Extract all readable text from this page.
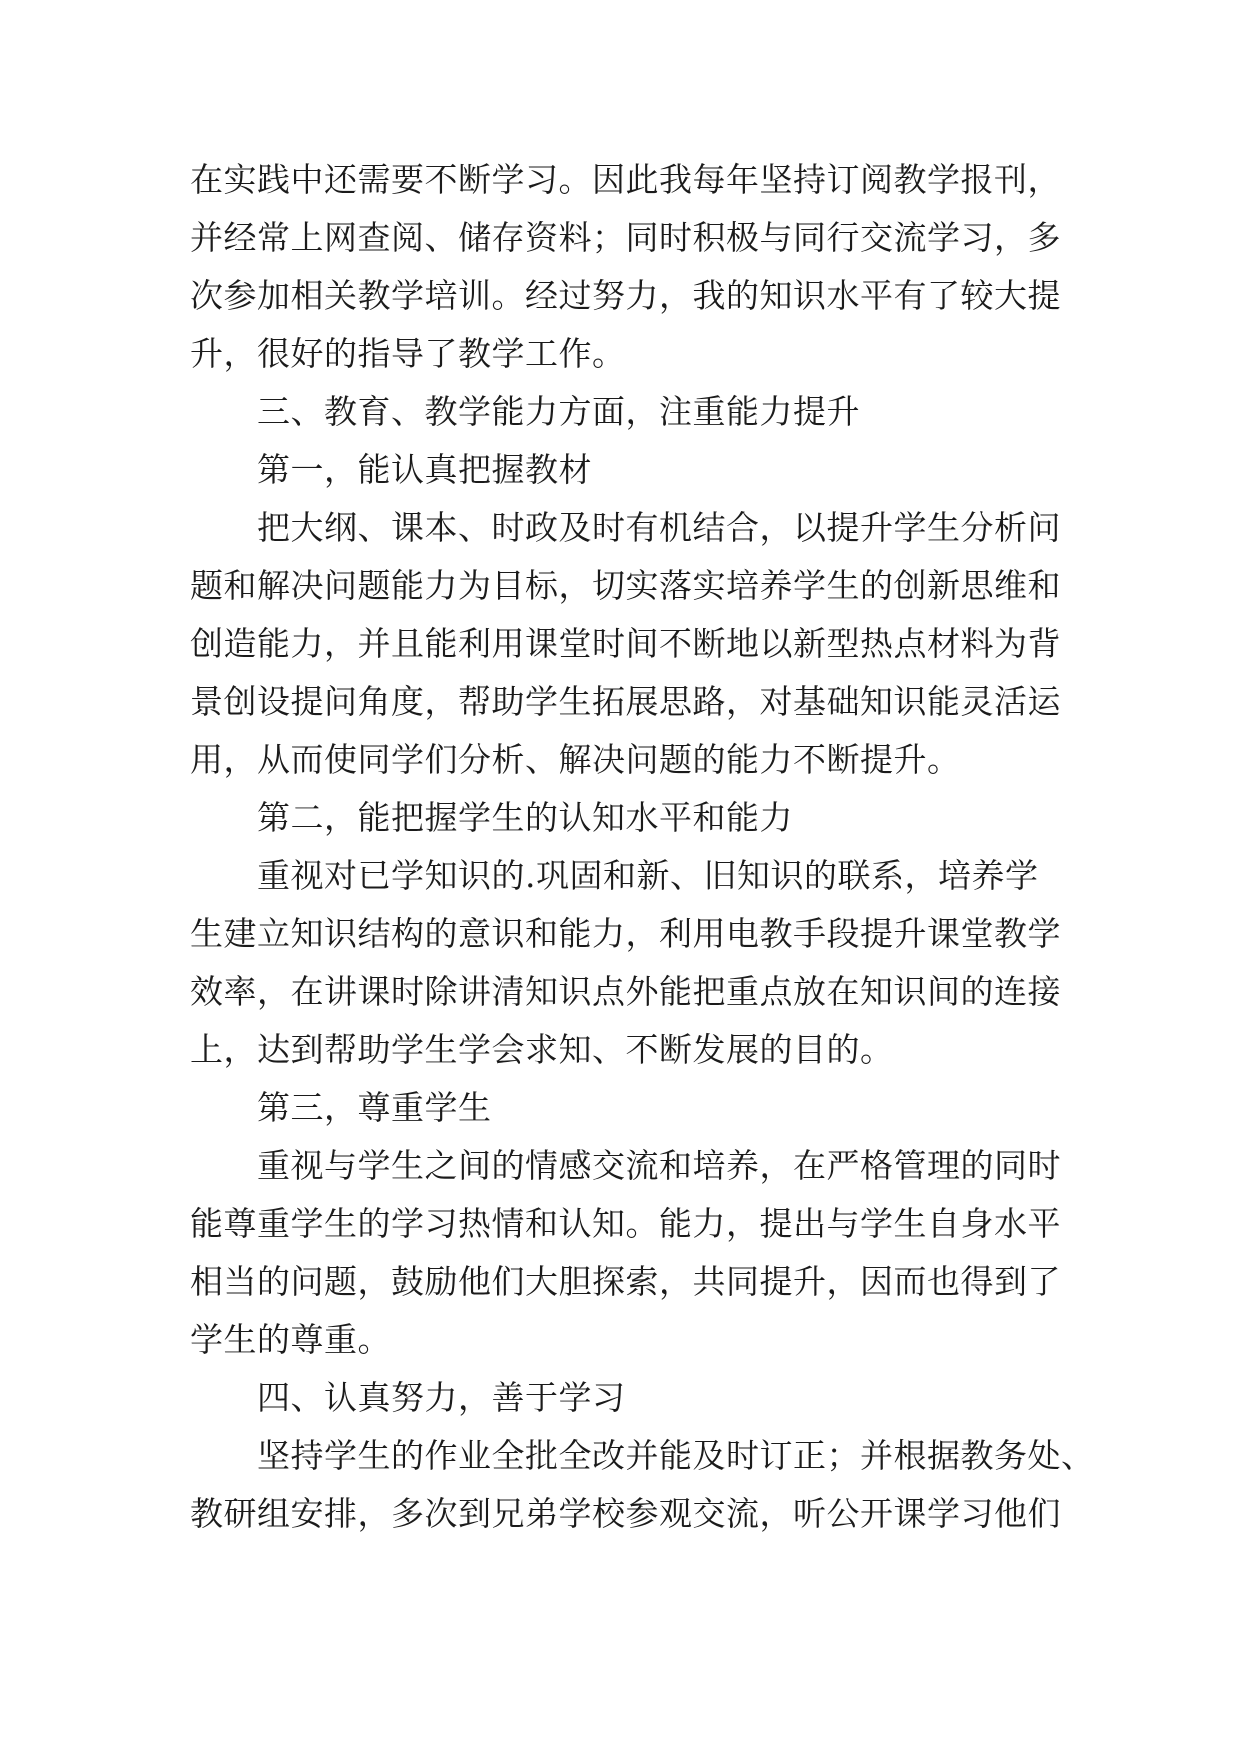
在实践中还需要不断学习。因此我每年坚持订阅教学报刊，

并经常上网查阅、储存资料；同时积极与同行交流学习，多

次参加相关教学培训。经过努力，我的知识水平有了较大提

升，很好的指导了教学工作。

三、教育、教学能力方面，注重能力提升

第一，能认真把握教材

把大纲、课本、时政及时有机结合，以提升学生分析问

题和解决问题能力为目标，切实落实培养学生的创新思维和

创造能力，并且能利用课堂时间不断地以新型热点材料为背

景创设提问角度，帮助学生拓展思路，对基础知识能灵活运

用，从而使同学们分析、解决问题的能力不断提升。

第二，能把握学生的认知水平和能力

重视对已学知识的.巩固和新、旧知识的联系，培养学

生建立知识结构的意识和能力，利用电教手段提升课堂教学

效率，在讲课时除讲清知识点外能把重点放在知识间的连接

上，达到帮助学生学会求知、不断发展的目的。

第三，尊重学生

重视与学生之间的情感交流和培养，在严格管理的同时

能尊重学生的学习热情和认知。能力，提出与学生自身水平

相当的问题，鼓励他们大胆探索，共同提升，因而也得到了

学生的尊重。

四、认真努力，善于学习

坚持学生的作业全批全改并能及时订正；并根据教务处、

教研组安排，多次到兄弟学校参观交流，听公开课学习他们
